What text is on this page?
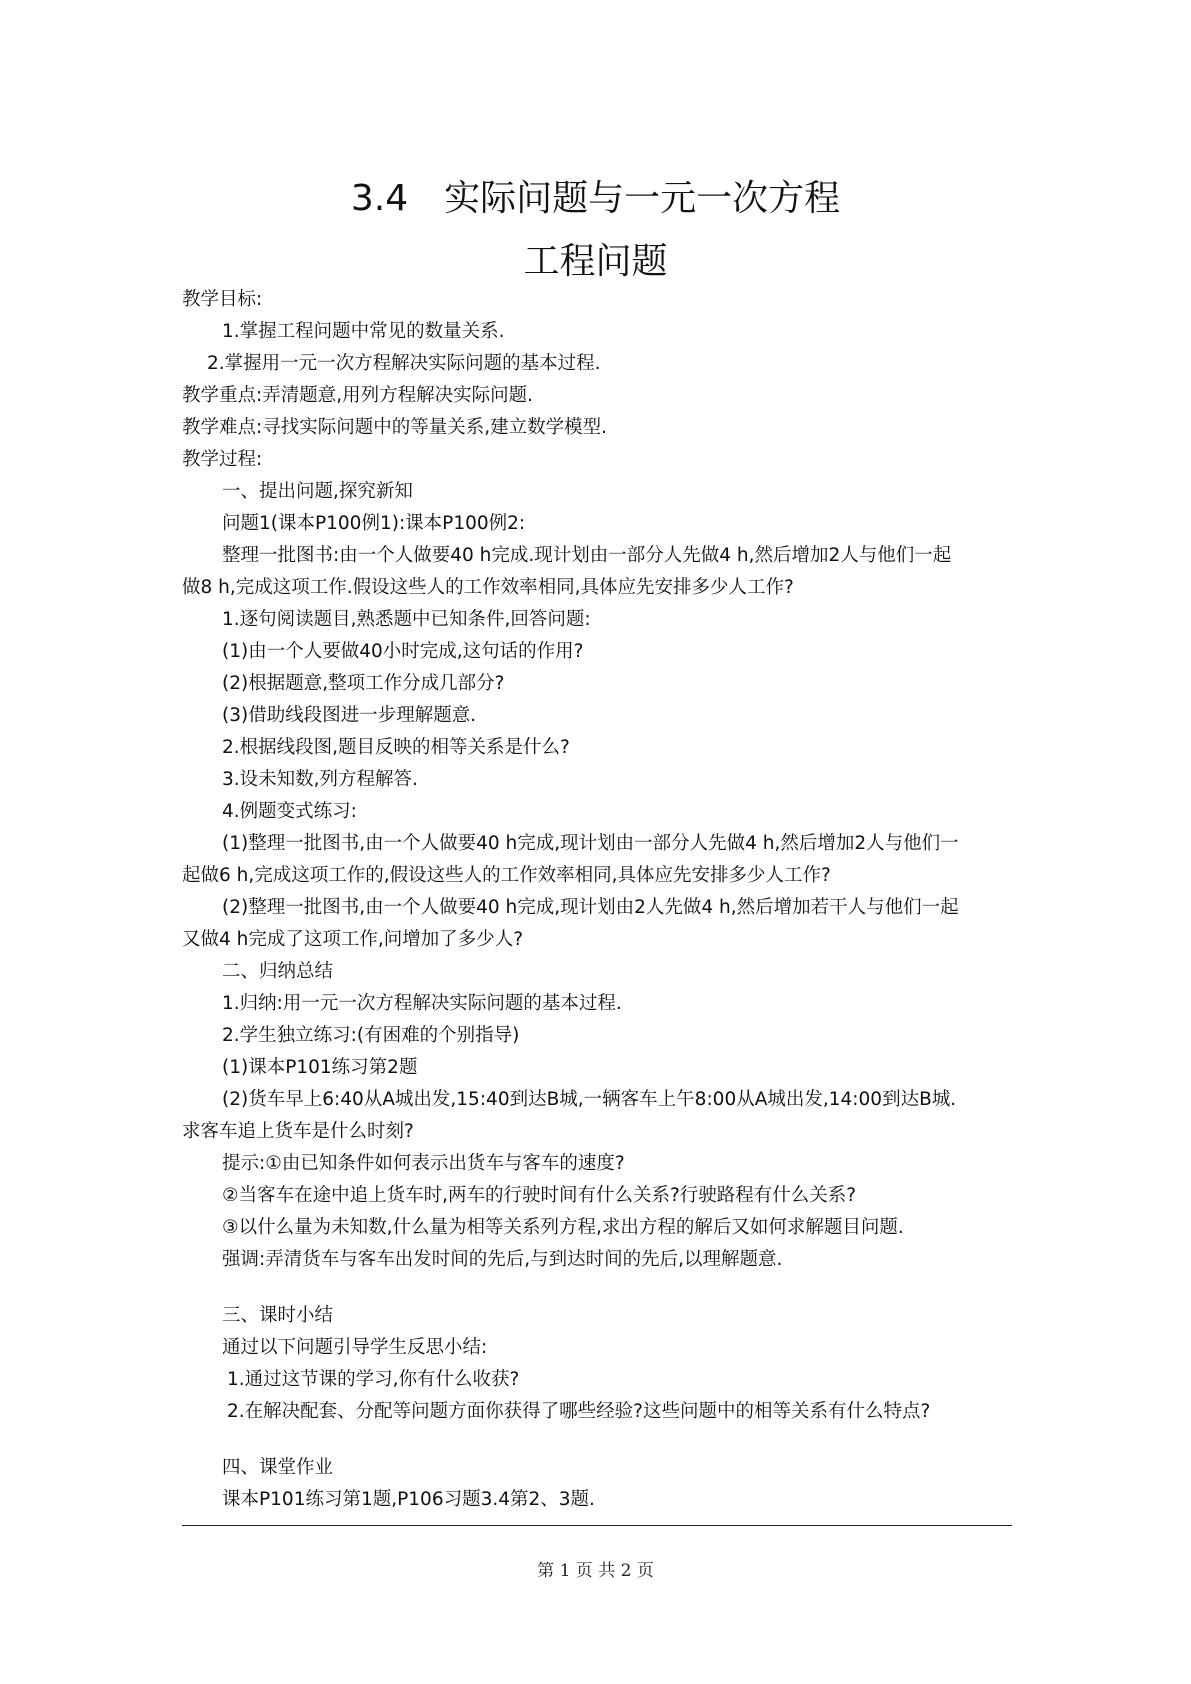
3.4　实际问题与一元一次方程
工程问题
教学目标:
1.掌握工程问题中常见的数量关系.
2.掌握用一元一次方程解决实际问题的基本过程.
教学重点:弄清题意,用列方程解决实际问题.
教学难点:寻找实际问题中的等量关系,建立数学模型.
教学过程:
一、提出问题,探究新知
问题1(课本P100例1):课本P100例2:
整理一批图书:由一个人做要40 h完成.现计划由一部分人先做4 h,然后增加2人与他们一起
做8 h,完成这项工作.假设这些人的工作效率相同,具体应先安排多少人工作?
1.逐句阅读题目,熟悉题中已知条件,回答问题:
(1)由一个人要做40小时完成,这句话的作用?
(2)根据题意,整项工作分成几部分?
(3)借助线段图进一步理解题意.
2.根据线段图,题目反映的相等关系是什么?
3.设未知数,列方程解答.
4.例题变式练习:
(1)整理一批图书,由一个人做要40 h完成,现计划由一部分人先做4 h,然后增加2人与他们一
起做6 h,完成这项工作的,假设这些人的工作效率相同,具体应先安排多少人工作?
(2)整理一批图书,由一个人做要40 h完成,现计划由2人先做4 h,然后增加若干人与他们一起
又做4 h完成了这项工作,问增加了多少人?
二、归纳总结
1.归纳:用一元一次方程解决实际问题的基本过程.
2.学生独立练习:(有困难的个别指导)
(1)课本P101练习第2题
(2)货车早上6:40从A城出发,15:40到达B城,一辆客车上午8:00从A城出发,14:00到达B城.
求客车追上货车是什么时刻?
提示:①由已知条件如何表示出货车与客车的速度?
②当客车在途中追上货车时,两车的行驶时间有什么关系?行驶路程有什么关系?
③以什么量为未知数,什么量为相等关系列方程,求出方程的解后又如何求解题目问题.
强调:弄清货车与客车出发时间的先后,与到达时间的先后,以理解题意.
三、课时小结
通过以下问题引导学生反思小结:
1.通过这节课的学习,你有什么收获?
2.在解决配套、分配等问题方面你获得了哪些经验?这些问题中的相等关系有什么特点?
四、课堂作业
课本P101练习第1题,P106习题3.4第2、3题.
第 1 页 共 2 页
